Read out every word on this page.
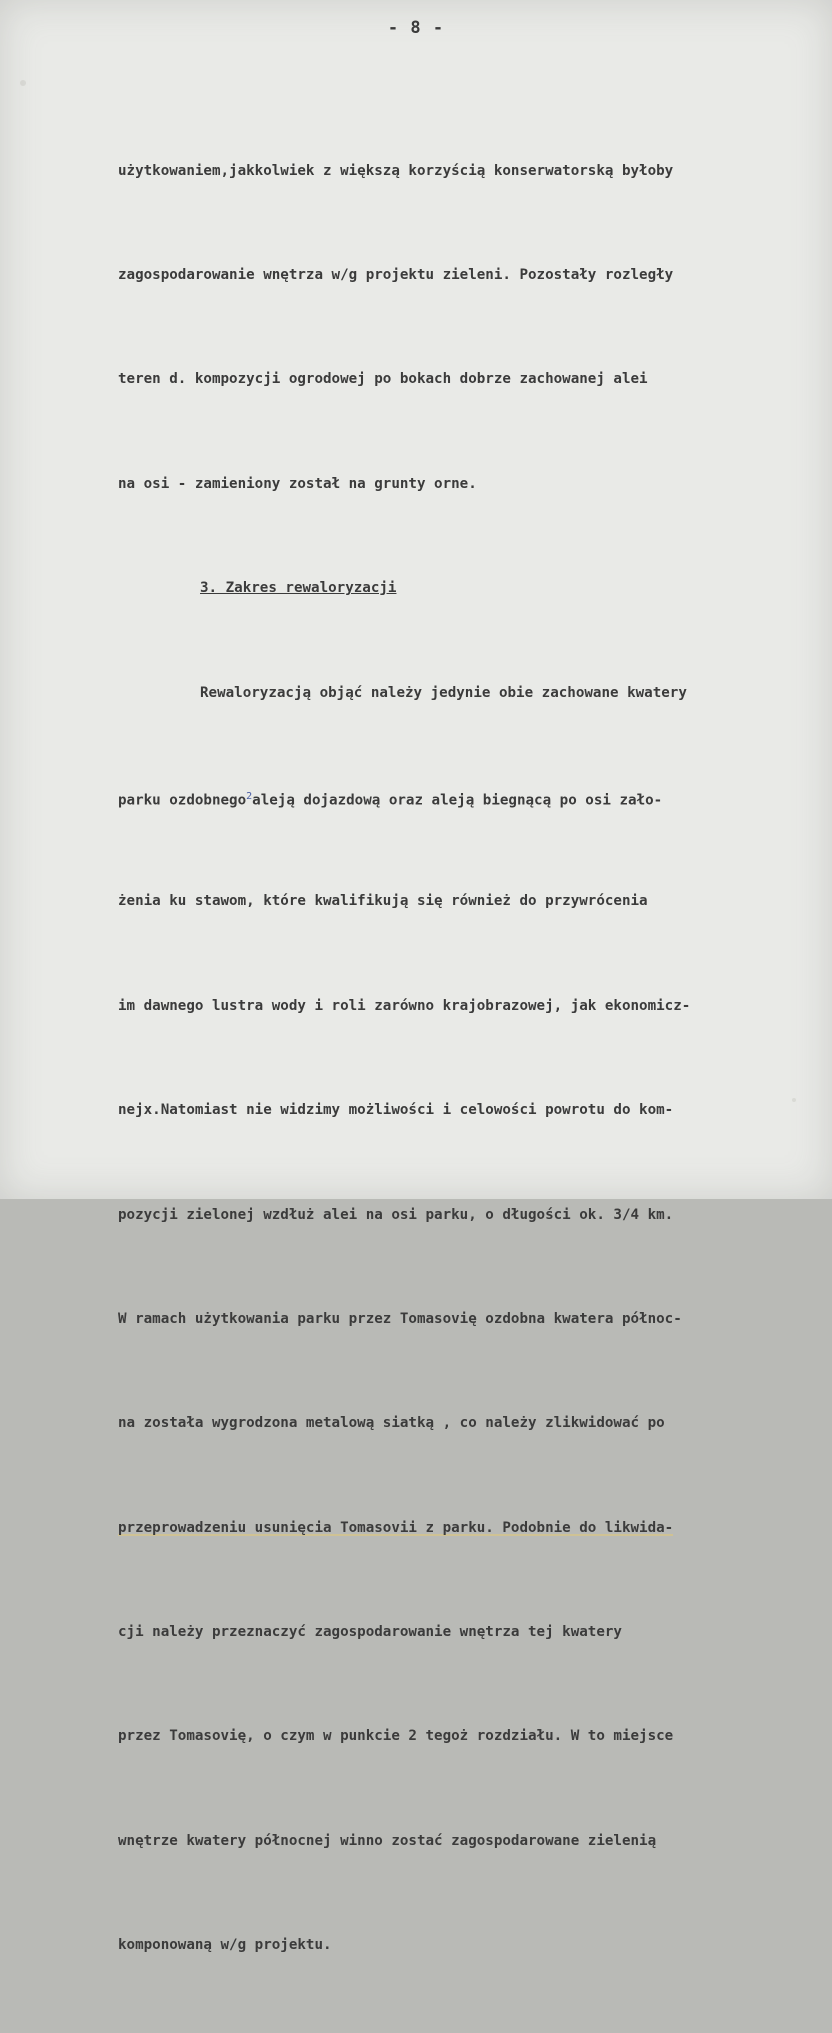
- 8 -

użytkowaniem,jakkolwiek z większą korzyścią konserwatorską byłoby

zagospodarowanie wnętrza w/g projektu zieleni. Pozostały rozległy

teren d. kompozycji ogrodowej po bokach dobrze zachowanej alei

na osi - zamieniony został na grunty orne.

3. Zakres rewaloryzacji

Rewaloryzacją objąć należy jedynie obie zachowane kwatery

parku ozdobnego$^2$aleją dojazdową oraz aleją biegnącą po osi zało-

żenia ku stawom, które kwalifikują się również do przywrócenia

im dawnego lustra wody i roli zarówno krajobrazowej, jak ekonomicz-

nejx.Natomiast nie widzimy możliwości i celowości powrotu do kom-

pozycji zielonej wzdłuż alei na osi parku, o długości ok. 3/4 km.

W ramach użytkowania parku przez Tomasovię ozdobna kwatera północ-

na została wygrodzona metalową siatką , co należy zlikwidować po

przeprowadzeniu usunięcia Tomasovii z parku. Podobnie do likwida-

cji należy przeznaczyć zagospodarowanie wnętrza tej kwatery

przez Tomasovię, o czym w punkcie 2 tegoż rozdziału. W to miejsce

wnętrze kwatery północnej winno zostać zagospodarowane zielenią

komponowaną w/g projektu.
